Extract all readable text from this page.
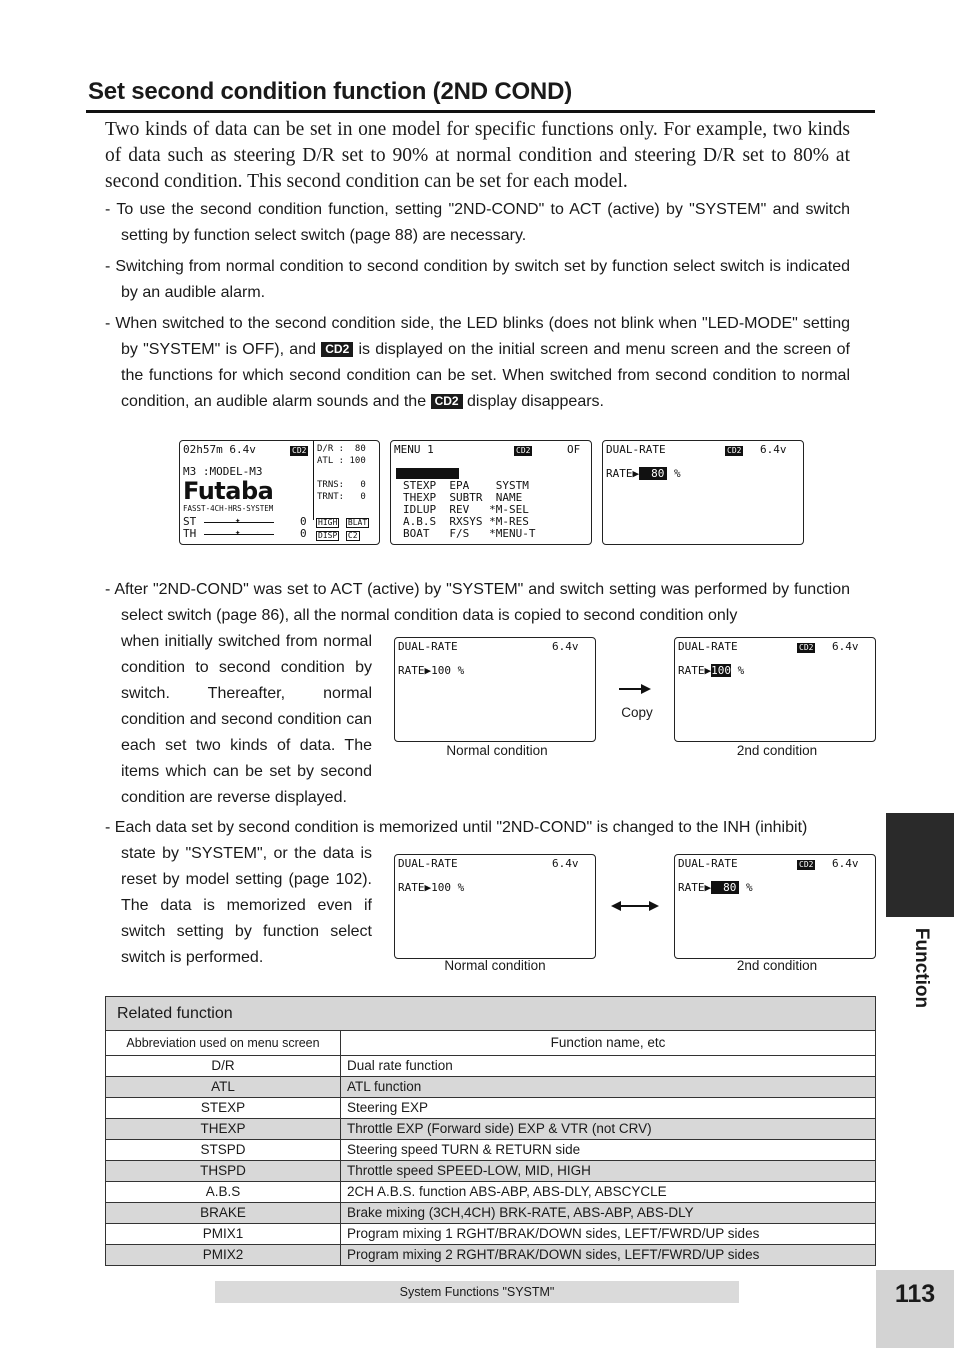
Set second condition function (2ND COND)
Two kinds of data can be set in one model for specific functions only. For example, two kinds of data such as steering D/R set to 90% at normal condition and steering D/R set to 80% at second condition. This second condition can be set for each model.
- To use the second condition function, setting "2ND-COND" to ACT (active) by "SYSTEM" and switch setting by function select switch (page 88) are necessary.
- Switching from normal condition to second condition by switch set by function select switch is indicated by an audible alarm.
- When switched to the second condition side, the LED blinks (does not blink when "LED-MODE" setting by "SYSTEM" is OFF), and CD2 is displayed on the initial screen and menu screen and the screen of the functions for which second condition can be set. When switched from second condition to normal condition, an audible alarm sounds and the CD2 display disappears.
02h57m 6.4v	CD2 D/R :  80
ATL : 100
TRNS:   0
TRNT:   0
M3 :MODEL-M3
Futaba
FASST-4CH-HRS-SYSTEM
ST
TH
✦
✦
0
0
HIGH BLAT
DISP C2
MENU 1	CD2	OF
STEXP  EPA    SYSTM
THEXP  SUBTR  NAME
IDLUP  REV   *M-SEL
A.B.S  RXSYS *M-RES
BOAT   F/S   *MENU-T
DUAL-RATE	CD2 6.4v
RATE▶ 80 %
- After "2ND-COND" was set to ACT (active) by "SYSTEM" and switch setting was performed by function select switch (page 86), all the normal condition data is copied to second condition only
when initially switched from normal condition to second condition by switch. Thereafter, normal condition and second condition can each set two kinds of data. The items which can be set by second condition are reverse displayed.
DUAL-RATE	6.4v
RATE▶100 %
Copy
DUAL-RATE	CD2 6.4v
RATE▶100 %
Normal condition	2nd condition
- Each data set by second condition is memorized until "2ND-COND" is changed to the INH (inhibit)
state by "SYSTEM", or the data is reset by model setting (page 102). The data is memorized even if switch setting by function select switch is performed.
DUAL-RATE	6.4v
RATE▶100 %
DUAL-RATE	CD2 6.4v
RATE▶ 80 %
Normal condition	2nd condition
Related function	
Abbreviation used on menu screen	Function name, etc
D/R	Dual rate function
ATL	ATL function
STEXP	Steering EXP
THEXP	Throttle EXP (Forward side) EXP & VTR (not CRV)
STSPD	Steering speed TURN & RETURN side
THSPD	Throttle speed SPEED-LOW, MID, HIGH
A.B.S	2CH A.B.S. function ABS-ABP, ABS-DLY, ABSCYCLE
BRAKE	Brake mixing (3CH,4CH) BRK-RATE, ABS-ABP, ABS-DLY
PMIX1	Program mixing 1 RGHT/BRAK/DOWN sides, LEFT/FWRD/UP sides
PMIX2	Program mixing 2 RGHT/BRAK/DOWN sides, LEFT/FWRD/UP sides
Function
System Functions "SYSTM"	113
